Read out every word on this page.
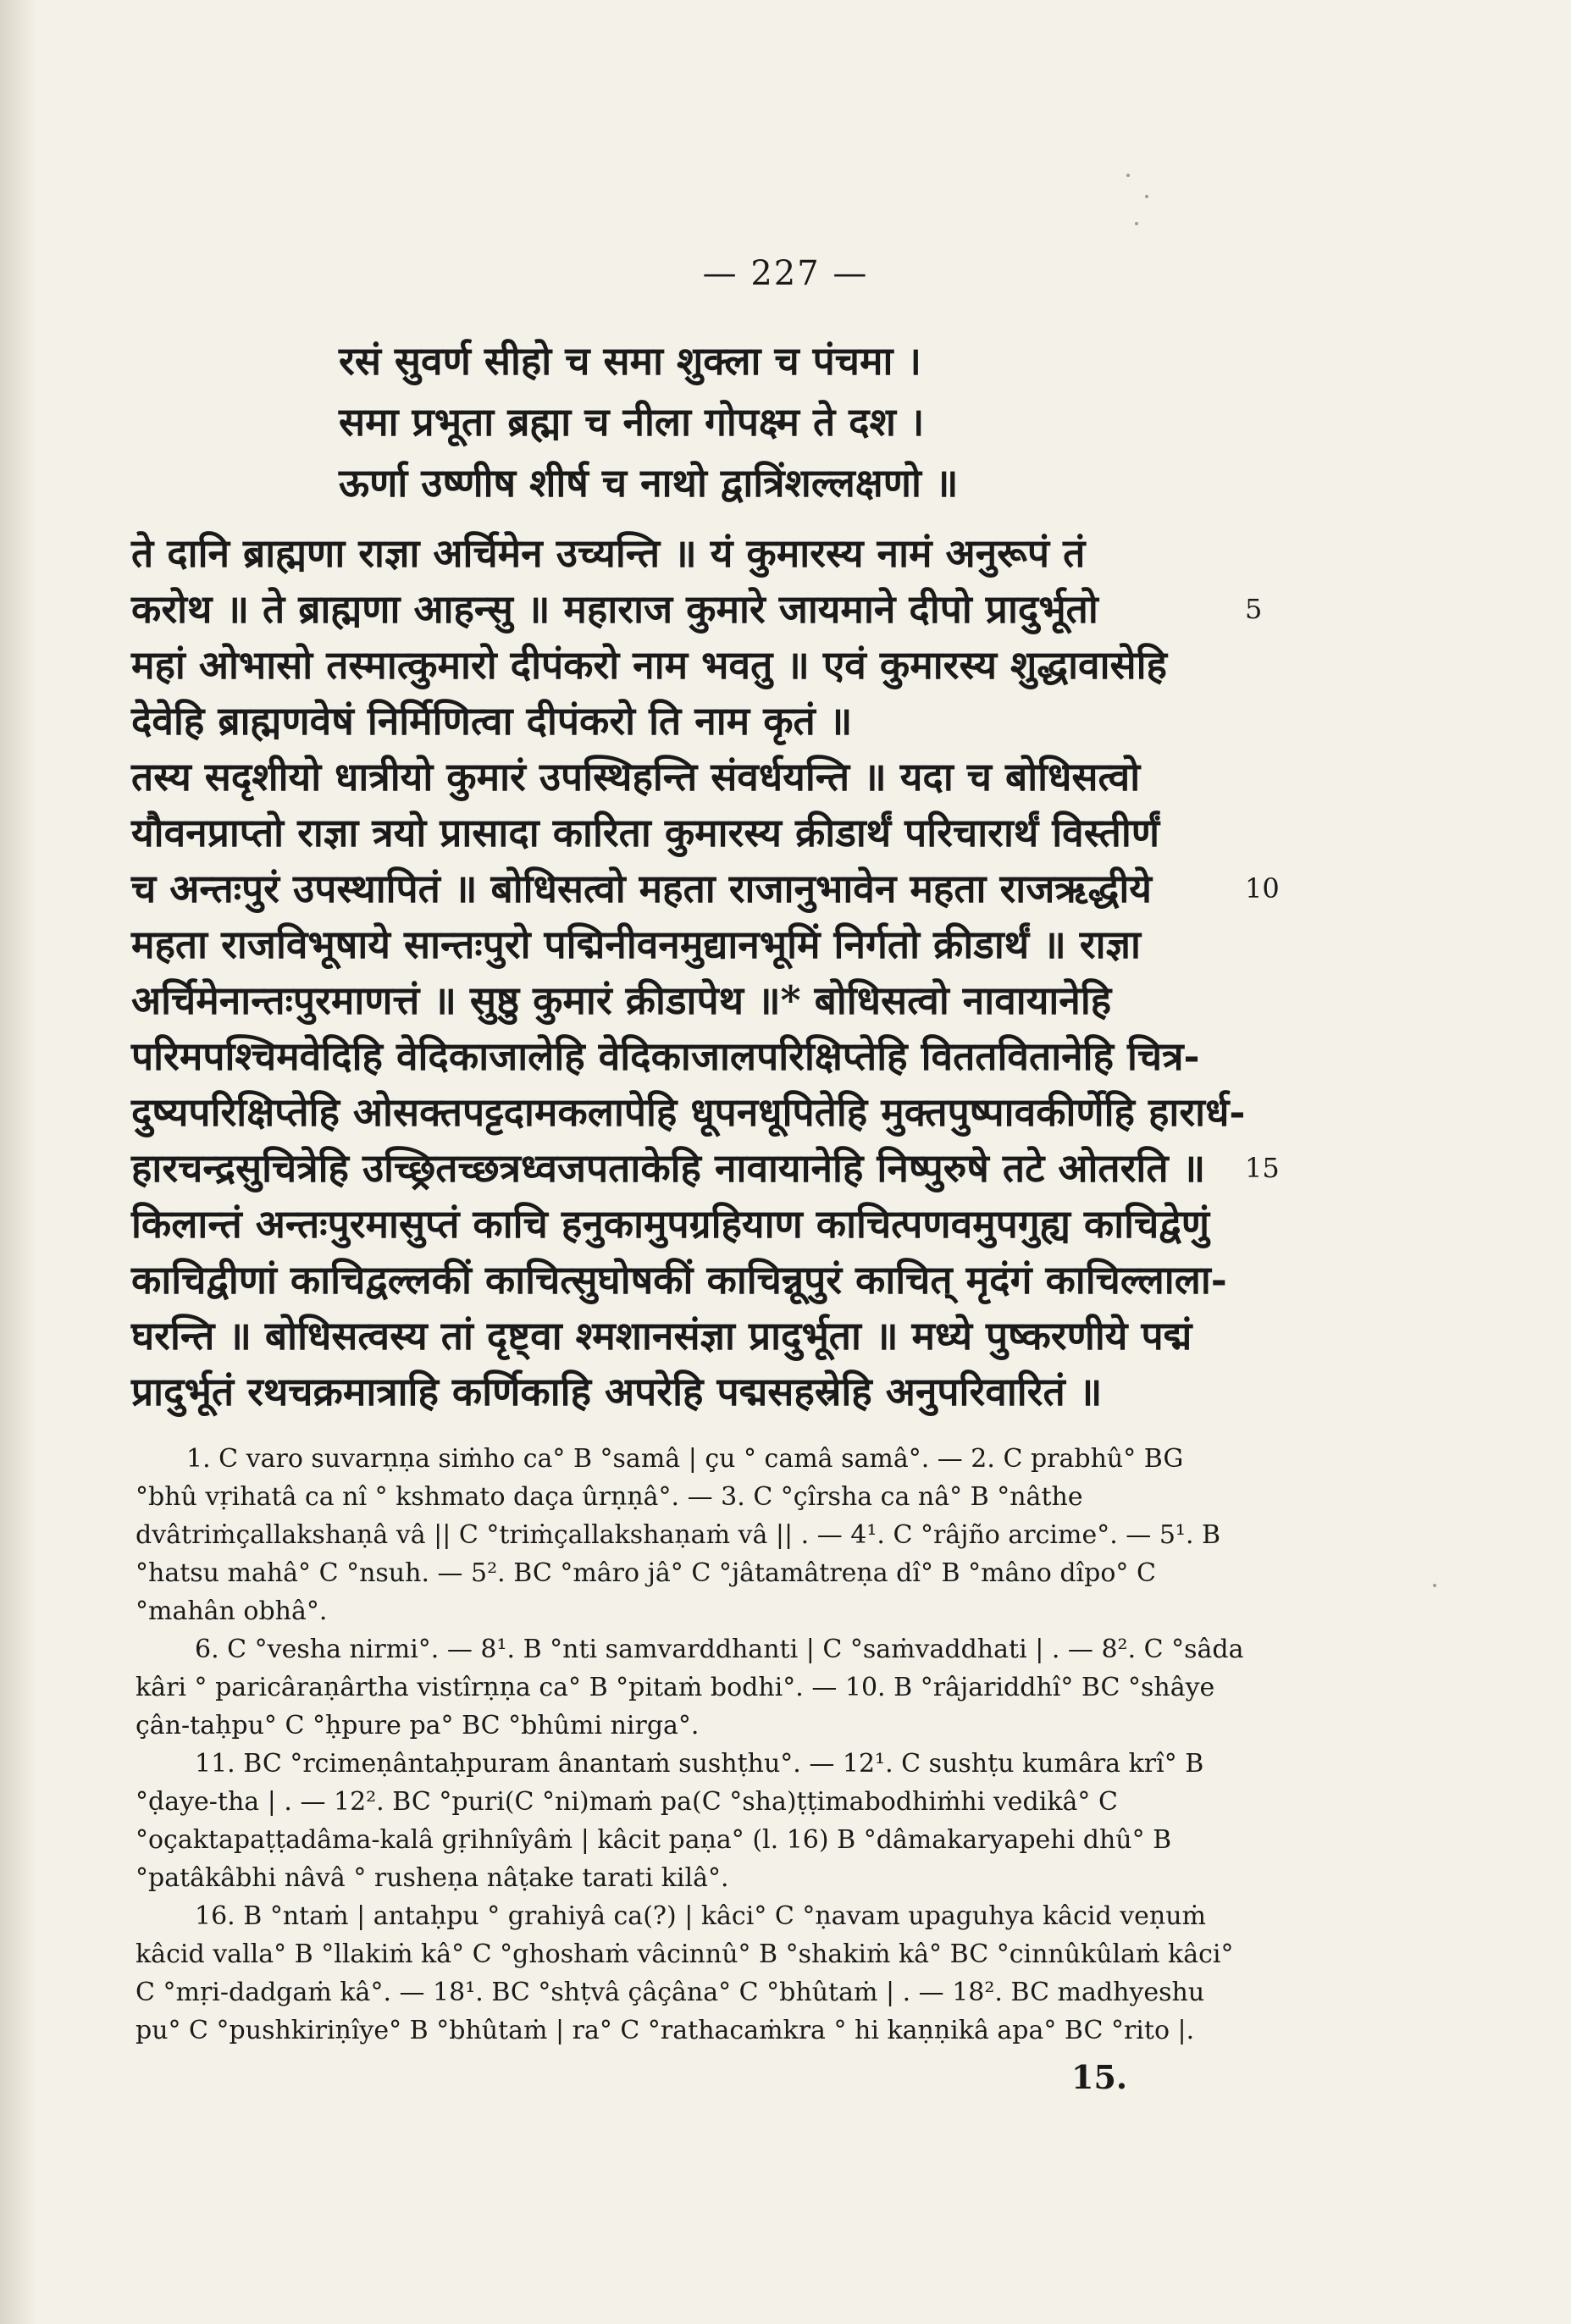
— 227 —
रसं सुवर्ण सीहो च समा शुक्ला च पंचमा ।
समा प्रभूता ब्रह्मा च नीला गोपक्ष्म ते दश ।
ऊर्णा उष्णीष शीर्ष च नाथो द्वात्रिंशल्लक्षणो ॥
ते दानि ब्राह्मणा राज्ञा अर्चिमेन उच्यन्ति ॥ यं कुमारस्य नामं अनुरूपं तं
करोथ ॥ ते ब्राह्मणा आहन्सु ॥ महाराज कुमारे जायमाने दीपो प्रादुर्भूतो	5
महां ओभासो तस्मात्कुमारो दीपंकरो नाम भवतु ॥ एवं कुमारस्य शुद्धावासेहि
देवेहि ब्राह्मणवेषं निर्मिणित्वा दीपंकरो ति नाम कृतं ॥
तस्य सदृशीयो धात्रीयो कुमारं उपस्थिहन्ति संवर्धयन्ति ॥ यदा च बोधिसत्वो
यौवनप्राप्तो राज्ञा त्रयो प्रासादा कारिता कुमारस्य क्रीडार्थं परिचारार्थं विस्तीर्णं
च अन्तःपुरं उपस्थापितं ॥ बोधिसत्वो महता राजानुभावेन महता राजऋद्धीये	10
महता राजविभूषाये सान्तःपुरो पद्मिनीवनमुद्यानभूमिं निर्गतो क्रीडार्थं ॥ राज्ञा
अर्चिमेनान्तःपुरमाणत्तं ॥ सुष्ठु कुमारं क्रीडापेथ ॥* बोधिसत्वो नावायानेहि
परिमपश्चिमवेदिहि वेदिकाजालेहि वेदिकाजालपरिक्षिप्तेहि विततवितानेहि चित्र-
दुष्यपरिक्षिप्तेहि ओसक्तपट्टदामकलापेहि धूपनधूपितेहि मुक्तपुष्पावकीर्णेहि हारार्ध-
हारचन्द्रसुचित्रेहि उच्छ्रितच्छत्रध्वजपताकेहि नावायानेहि निष्पुरुषे तटे ओतरति ॥ 15
किलान्तं अन्तःपुरमासुप्तं काचि हनुकामुपग्रहियाण काचित्पणवमुपगुह्य काचिद्वेणुं
काचिद्वीणां काचिद्वल्लकीं काचित्सुघोषकीं काचिन्नूपुरं काचित् मृदंगं काचिल्लाला-
घरन्ति ॥ बोधिसत्वस्य तां दृष्ट्वा श्मशानसंज्ञा प्रादुर्भूता ॥ मध्ये पुष्करणीये पद्मं
प्रादुर्भूतं रथचक्रमात्राहि कर्णिकाहि अपरेहि पद्मसहस्रेहि अनुपरिवारितं ॥

1. C varo suvarṇṇa siṁho ca° B °samâ | çu ° camâ samâ°. — 2. C prabhû° BG °bhû vṛihatâ ca nî ° kshmato daça ûrṇṇâ°. — 3. C °çîrsha ca nâ° B °nâthe dvâtriṁçallakshaṇâ vâ || C °triṁçallakshaṇaṁ vâ || . — 4¹. C °râjño arcime°. — 5¹. B °hatsu mahâ° C °nsuh. — 5². BC °mâro jâ° C °jâtamâtreṇa dî° B °mâno dîpo° C °mahân obhâ°.

6. C °vesha nirmi°. — 8¹. B °nti samvarddhanti | C °saṁvaddhati | . — 8². C °sâda kâri ° paricâraṇârtha vistîrṇṇa ca° B °pitaṁ bodhi°. — 10. B °râjariddhî° BC °shâye çân-taḥpu° C °ḥpure pa° BC °bhûmi nirga°.

11. BC °rcimeṇântaḥpuram ânantaṁ sushṭhu°. — 12¹. C sushṭu kumâra krî° B °ḍaye-tha | . — 12². BC °puri(C °ni)maṁ pa(C °sha)ṭṭimabodhiṁhi vedikâ° C °oçaktapaṭṭadâma-kalâ gṛihnîyâṁ | kâcit paṇa° (l. 16) B °dâmakaryapehi dhû° B °patâkâbhi nâvâ ° rusheṇa nâṭake tarati kilâ°.

16. B °ntaṁ | antaḥpu ° grahiyâ ca(?) | kâci° C °ṇavam upaguhya kâcid veṇuṁ kâcid valla° B °llakiṁ kâ° C °ghoshaṁ vâcinnû° B °shakiṁ kâ° BC °cinnûkûlaṁ kâci° C °mṛi-dadgaṁ kâ°. — 18¹. BC °shṭvâ çâçâna° C °bhûtaṁ | . — 18². BC madhyeshu pu° C °pushkiriṇîye° B °bhûtaṁ | ra° C °rathacaṁkra ° hi kaṇṇikâ apa° BC °rito |.

15.
